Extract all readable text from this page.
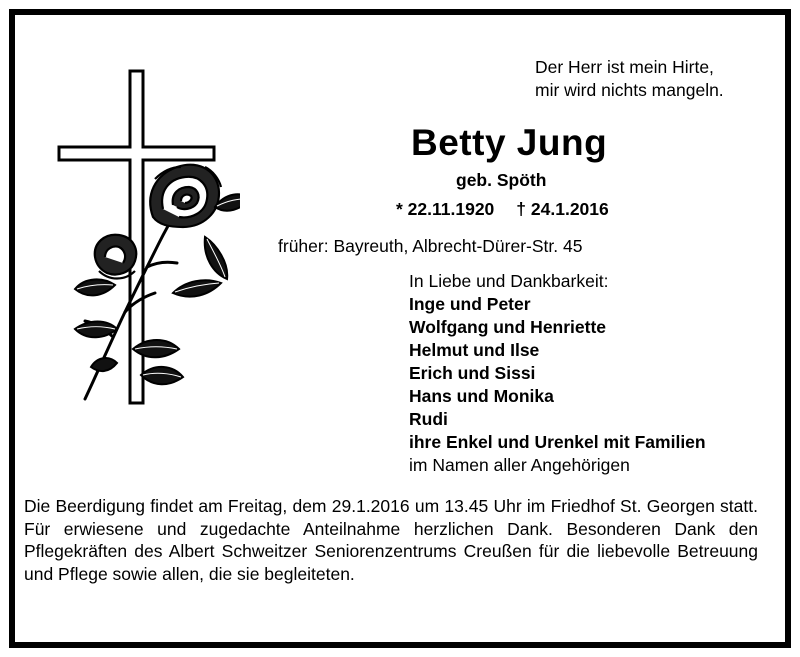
Der Herr ist mein Hirte,
mir wird nichts mangeln.
Betty Jung
geb. Spöth
* 22.11.1920 † 24.1.2016
früher: Bayreuth, Albrecht-Dürer-Str. 45
In Liebe und Dankbarkeit:
Inge und Peter
Wolfgang und Henriette
Helmut und Ilse
Erich und Sissi
Hans und Monika
Rudi
ihre Enkel und Urenkel mit Familien
im Namen aller Angehörigen
Die Beerdigung findet am Freitag, dem 29.1.2016 um 13.45 Uhr im Friedhof St. Georgen statt. Für erwiesene und zugedachte Anteilnahme herzlichen Dank. Besonderen Dank den Pflegekräften des Albert Schweitzer Seniorenzentrums Creußen für die liebevolle Betreuung und Pflege sowie allen, die sie begleiteten.
